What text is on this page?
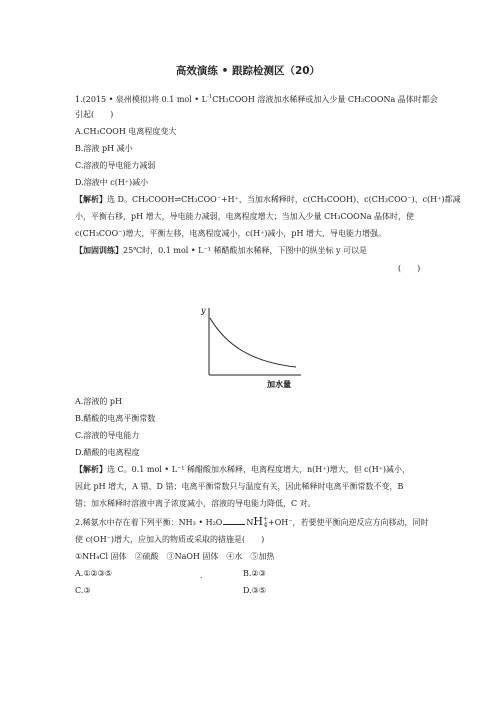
高效演练 • 跟踪检测区（20）
1.(2015 • 泉州模拟)将 0.1 mol • $L^{-1}CH_3COOH$ 溶液加水稀释或加入少量 CH₃COONa 晶体时都会
引起(　　)
A.CH₃COOH 电离程度变大
B.溶液 pH 减小
C.溶液的导电能力减弱
D.溶液中 c(H⁺)减小
【解析】选 D。CH₃COOH⇌CH₃COO⁻+H⁺，当加水稀释时，c(CH₃COOH)、c(CH₃COO⁻)、c(H⁺)都减
小，平衡右移，pH 增大，导电能力减弱，电离程度增大；当加入少量 CH₃COONa 晶体时，使
c(CH₃COO⁻)增大，平衡左移，电离程度减小，c(H⁺)减小，pH 增大，导电能力增强。
【加固训练】25℃时，0.1 mol • L⁻¹ 稀醋酸加水稀释，下图中的纵坐标 y 可以是
(　　)
y
加水量
A.溶液的 pH
B.醋酸的电离平衡常数
C.溶液的导电能力
D.醋酸的电离程度
【解析】选 C。0.1 mol • L⁻¹ 稀醋酸加水稀释，电离程度增大，n(H⁺)增大，但 c(H⁺)减小，
因此 pH 增大，A 错、D 错；电离平衡常数只与温度有关，因此稀释时电离平衡常数不变，B
错；加水稀释时溶液中离子浓度减小，溶液的导电能力降低，C 对。
2.稀氨水中存在着下列平衡：NH₃ • H₂O	NH +
4 +OH⁻，若要使平衡向逆反应方向移动，同时
使 c(OH⁻)增大，应加入的物质或采取的措施是(　　)
①NH₄Cl 固体　②硫酸　③NaOH 固体　④水　⑤加热
A.①②③⑤	.	B.②③
C.③	D.③⑤
